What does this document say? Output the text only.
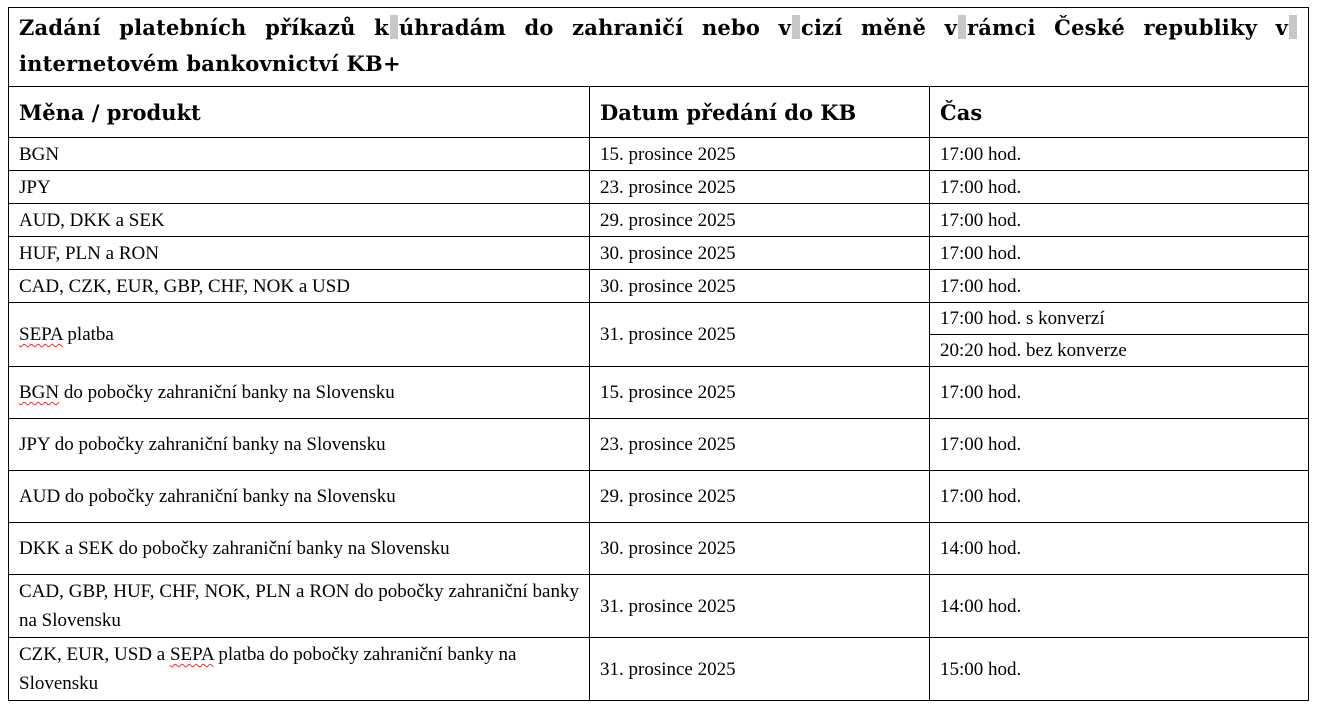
Zadání platebních příkazů k úhradám do zahraničí nebo v cizí měně v rámci České republiky vinternetovém bankovnictví KB+		

Měna / produkt	Datum předání do KB	Čas
BGN	15. prosince 2025	17:00 hod.
JPY	23. prosince 2025	17:00 hod.
AUD, DKK a SEK	29. prosince 2025	17:00 hod.
HUF, PLN a RON	30. prosince 2025	17:00 hod.
CAD, CZK, EUR, GBP, CHF, NOK a USD	30. prosince 2025	17:00 hod.
SEPA platba	31. prosince 2025	17:00 hod. s konverzí
		20:20 hod. bez konverze
BGN do pobočky zahraniční banky na Slovensku	15. prosince 2025	17:00 hod.
JPY do pobočky zahraniční banky na Slovensku	23. prosince 2025	17:00 hod.
AUD do pobočky zahraniční banky na Slovensku	29. prosince 2025	17:00 hod.
DKK a SEK do pobočky zahraniční banky na Slovensku	30. prosince 2025	14:00 hod.
CAD, GBP, HUF, CHF, NOK, PLN a RON do pobočky zahraniční banky na Slovensku	31. prosince 2025	14:00 hod.
CZK, EUR, USD a SEPA platba do pobočky zahraniční banky na Slovensku	31. prosince 2025	15:00 hod.
